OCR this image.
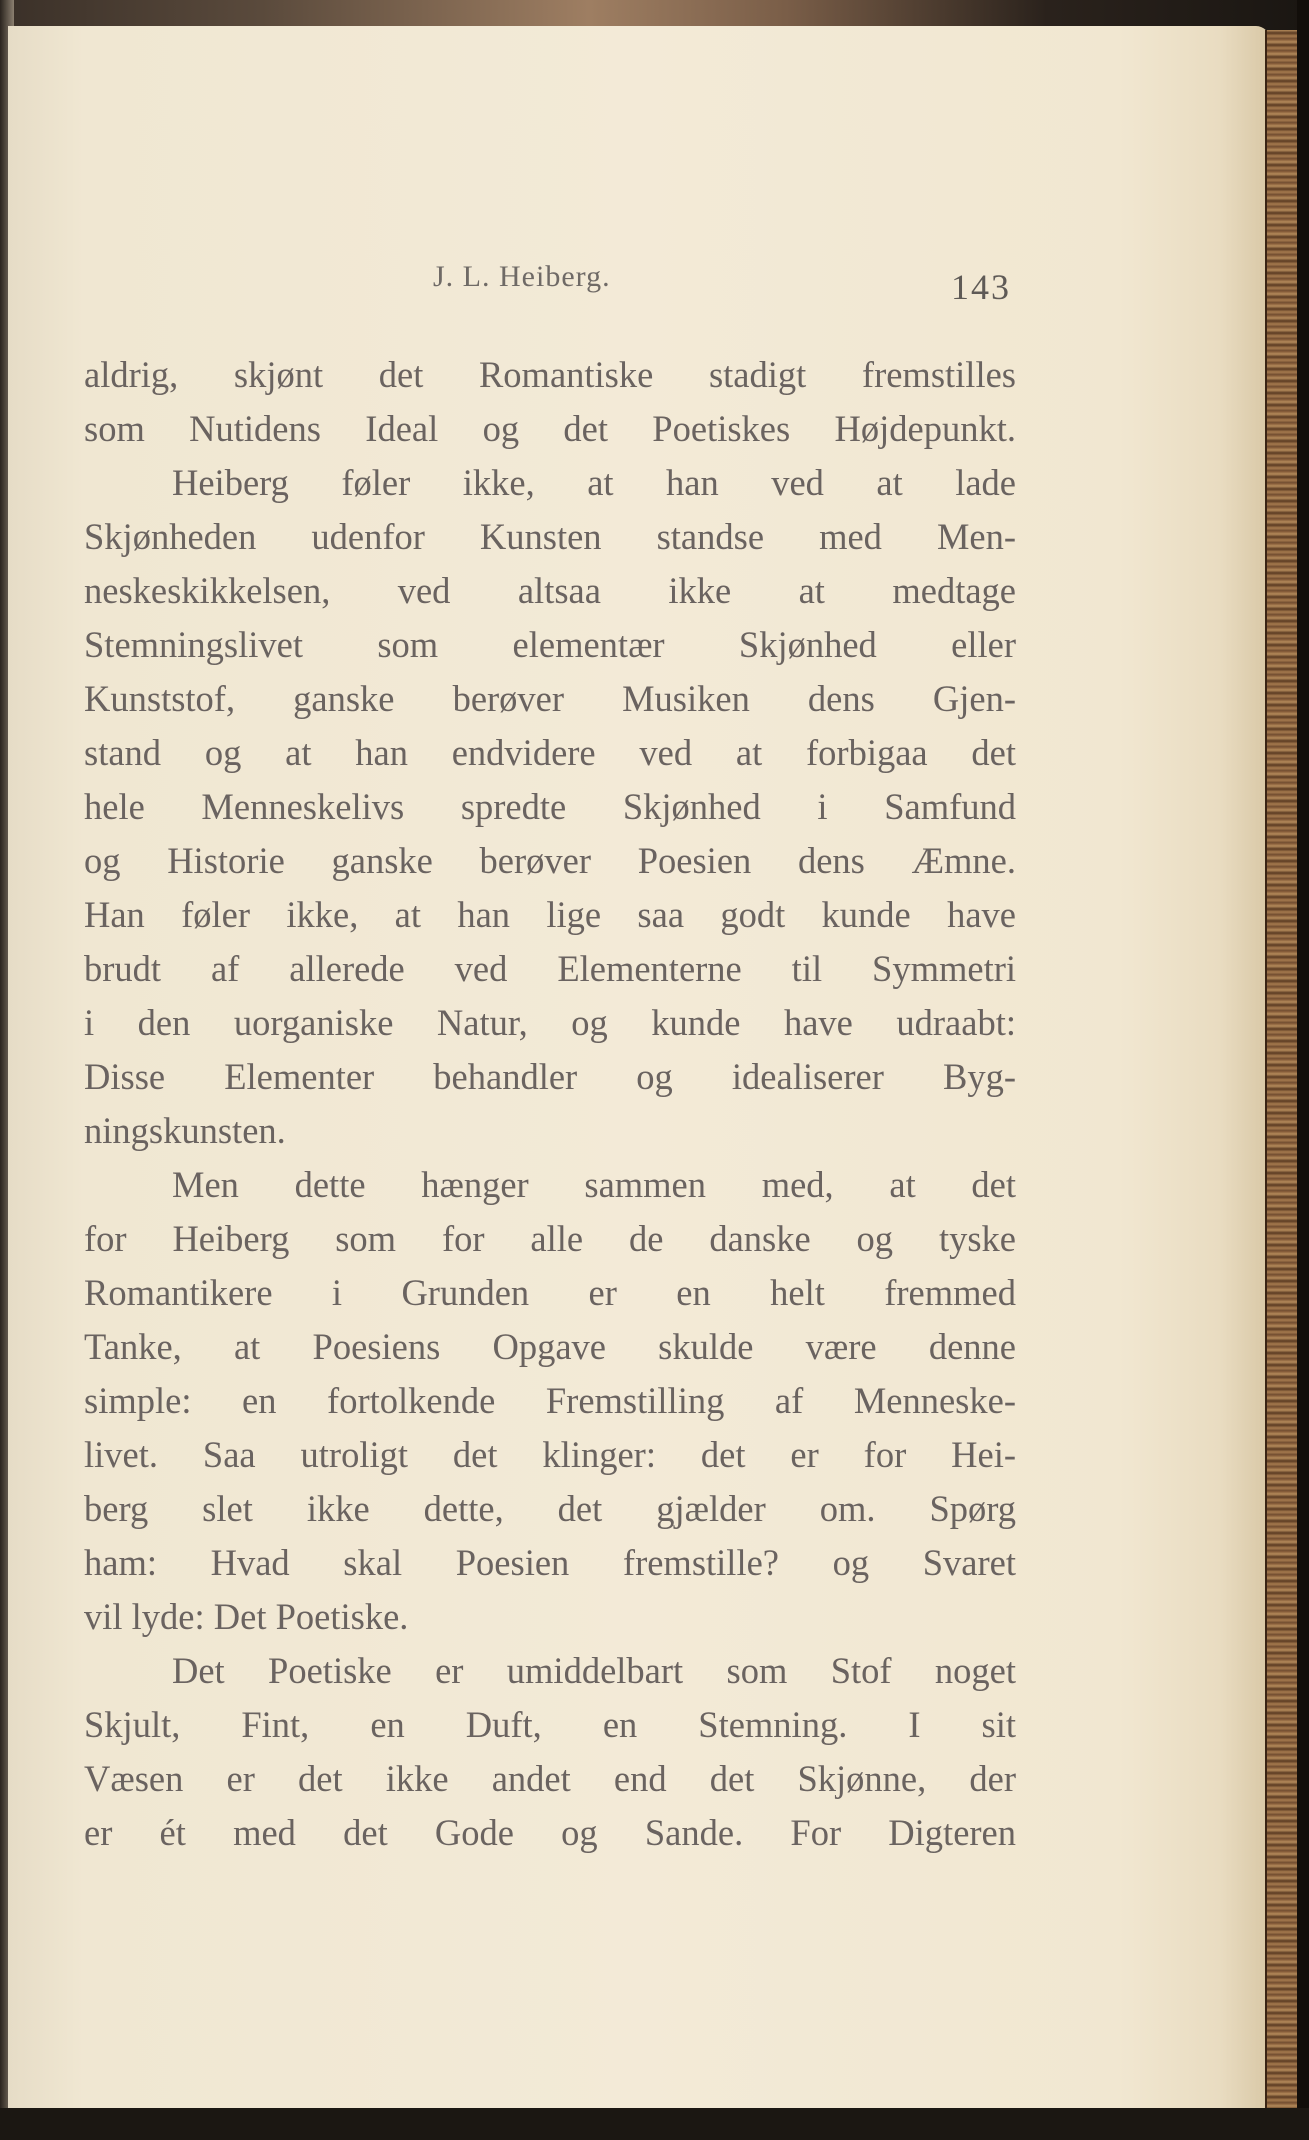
J. L. Heiberg.	143
aldrig, skjønt det Romantiske stadigt fremstilles
som Nutidens Ideal og det Poetiskes Højdepunkt.
Heiberg føler ikke, at han ved at lade
Skjønheden udenfor Kunsten standse med Men-
neskeskikkelsen, ved altsaa ikke at medtage
Stemningslivet som elementær Skjønhed eller
Kunststof, ganske berøver Musiken dens Gjen-
stand og at han endvidere ved at forbigaa det
hele Menneskelivs spredte Skjønhed i Samfund
og Historie ganske berøver Poesien dens Æmne.
Han føler ikke, at han lige saa godt kunde have
brudt af allerede ved Elementerne til Symmetri
i den uorganiske Natur, og kunde have udraabt:
Disse Elementer behandler og idealiserer Byg-
ningskunsten.
Men dette hænger sammen med, at det
for Heiberg som for alle de danske og tyske
Romantikere i Grunden er en helt fremmed
Tanke, at Poesiens Opgave skulde være denne
simple: en fortolkende Fremstilling af Menneske-
livet. Saa utroligt det klinger: det er for Hei-
berg slet ikke dette, det gjælder om. Spørg
ham: Hvad skal Poesien fremstille? og Svaret
vil lyde: Det Poetiske.
Det Poetiske er umiddelbart som Stof noget
Skjult, Fint, en Duft, en Stemning. I sit
Væsen er det ikke andet end det Skjønne, der
er ét med det Gode og Sande. For Digteren
